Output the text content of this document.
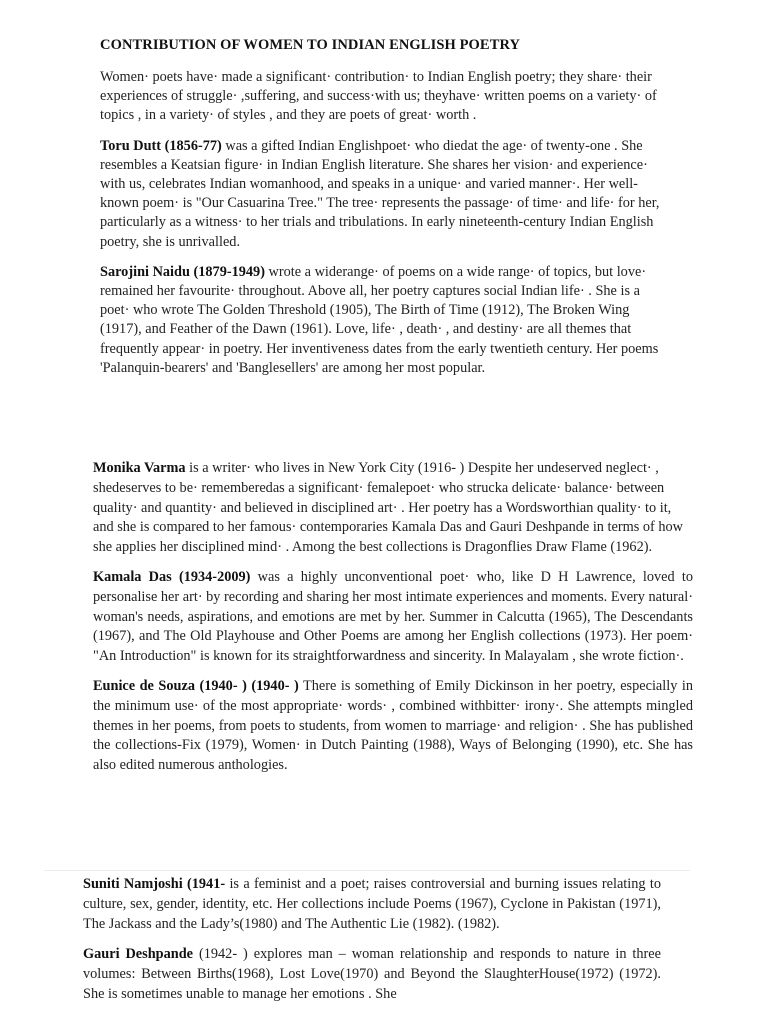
CONTRIBUTION OF WOMEN TO INDIAN ENGLISH POETRY

Women· poets have· made a significant· contribution· to Indian English poetry; they share· their experiences of struggle· ,suffering, and success·with us; theyhave· written poems on a variety· of topics , in a variety· of styles , and they are poets of great· worth .

Toru Dutt (1856-77) was a gifted Indian Englishpoet· who diedat the age· of twenty-one . She resembles a Keatsian figure· in Indian English literature. She shares her vision· and experience· with us, celebrates Indian womanhood, and speaks in a unique· and varied manner·. Her well-known poem· is "Our Casuarina Tree." The tree· represents the passage· of time· and life· for her, particularly as a witness· to her trials and tribulations. In early nineteenth-century Indian English poetry, she is unrivalled.

Sarojini Naidu (1879-1949) wrote a widerange· of poems on a wide range· of topics, but love· remained her favourite· throughout. Above all, her poetry captures social Indian life· . She is a poet· who wrote The Golden Threshold (1905), The Birth of Time (1912), The Broken Wing (1917), and Feather of the Dawn (1961). Love, life· , death· , and destiny· are all themes that frequently appear· in poetry. Her inventiveness dates from the early twentieth century. Her poems 'Palanquin-bearers' and 'Banglesellers' are among her most popular.

Monika Varma is a writer· who lives in New York City (1916- ) Despite her undeserved neglect· , shedeserves to be· rememberedas a significant· femalepoet· who strucka delicate· balance· between quality· and quantity· and believed in disciplined art· . Her poetry has a Wordsworthian quality· to it, and she is compared to her famous· contemporaries Kamala Das and Gauri Deshpande in terms of how she applies her disciplined mind· . Among the best collections is Dragonflies Draw Flame (1962).

Kamala Das (1934-2009) was a highly unconventional poet· who, like D H Lawrence, loved to personalise her art· by recording and sharing her most intimate experiences and moments. Every natural· woman's needs, aspirations, and emotions are met by her. Summer in Calcutta (1965), The Descendants (1967), and The Old Playhouse and Other Poems are among her English collections (1973). Her poem· "An Introduction" is known for its straightforwardness and sincerity. In Malayalam , she wrote fiction·.

Eunice de Souza (1940- ) (1940- ) There is something of Emily Dickinson in her poetry, especially in the minimum use· of the most appropriate· words· , combined withbitter· irony·. She attempts mingled themes in her poems, from poets to students, from women to marriage· and religion· . She has published the collections-Fix (1979), Women· in Dutch Painting (1988), Ways of Belonging (1990), etc. She has also edited numerous anthologies.

Suniti Namjoshi (1941- is a feminist and a poet; raises controversial and burning issues relating to culture, sex, gender, identity, etc. Her collections include Poems (1967), Cyclone in Pakistan (1971), The Jackass and the Lady’s(1980) and The Authentic Lie (1982). (1982).

Gauri Deshpande (1942- ) explores man – woman relationship and responds to nature in three volumes: Between Births(1968), Lost Love(1970) and Beyond the SlaughterHouse(1972) (1972). She is sometimes unable to manage her emotions . She
